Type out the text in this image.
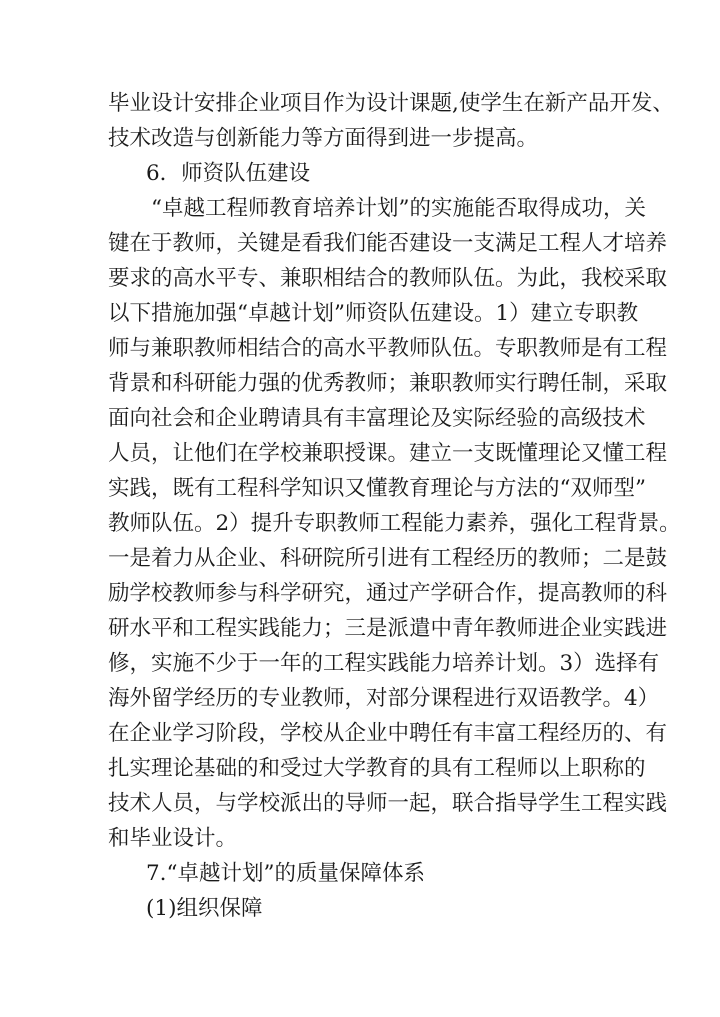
毕业设计安排企业项目作为设计课题,使学生在新产品开发、
技术改造与创新能力等方面得到进一步提高。
6．师资队伍建设
“卓越工程师教育培养计划”的实施能否取得成功，关
键在于教师，关键是看我们能否建设一支满足工程人才培养
要求的高水平专、兼职相结合的教师队伍。为此，我校采取
以下措施加强“卓越计划”师资队伍建设。1）建立专职教
师与兼职教师相结合的高水平教师队伍。专职教师是有工程
背景和科研能力强的优秀教师；兼职教师实行聘任制，采取
面向社会和企业聘请具有丰富理论及实际经验的高级技术
人员，让他们在学校兼职授课。建立一支既懂理论又懂工程
实践，既有工程科学知识又懂教育理论与方法的“双师型”
教师队伍。2）提升专职教师工程能力素养，强化工程背景。
一是着力从企业、科研院所引进有工程经历的教师；二是鼓
励学校教师参与科学研究，通过产学研合作，提高教师的科
研水平和工程实践能力；三是派遣中青年教师进企业实践进
修，实施不少于一年的工程实践能力培养计划。3）选择有
海外留学经历的专业教师，对部分课程进行双语教学。4）
在企业学习阶段，学校从企业中聘任有丰富工程经历的、有
扎实理论基础的和受过大学教育的具有工程师以上职称的
技术人员，与学校派出的导师一起，联合指导学生工程实践
和毕业设计。
7.“卓越计划”的质量保障体系
(1)组织保障
